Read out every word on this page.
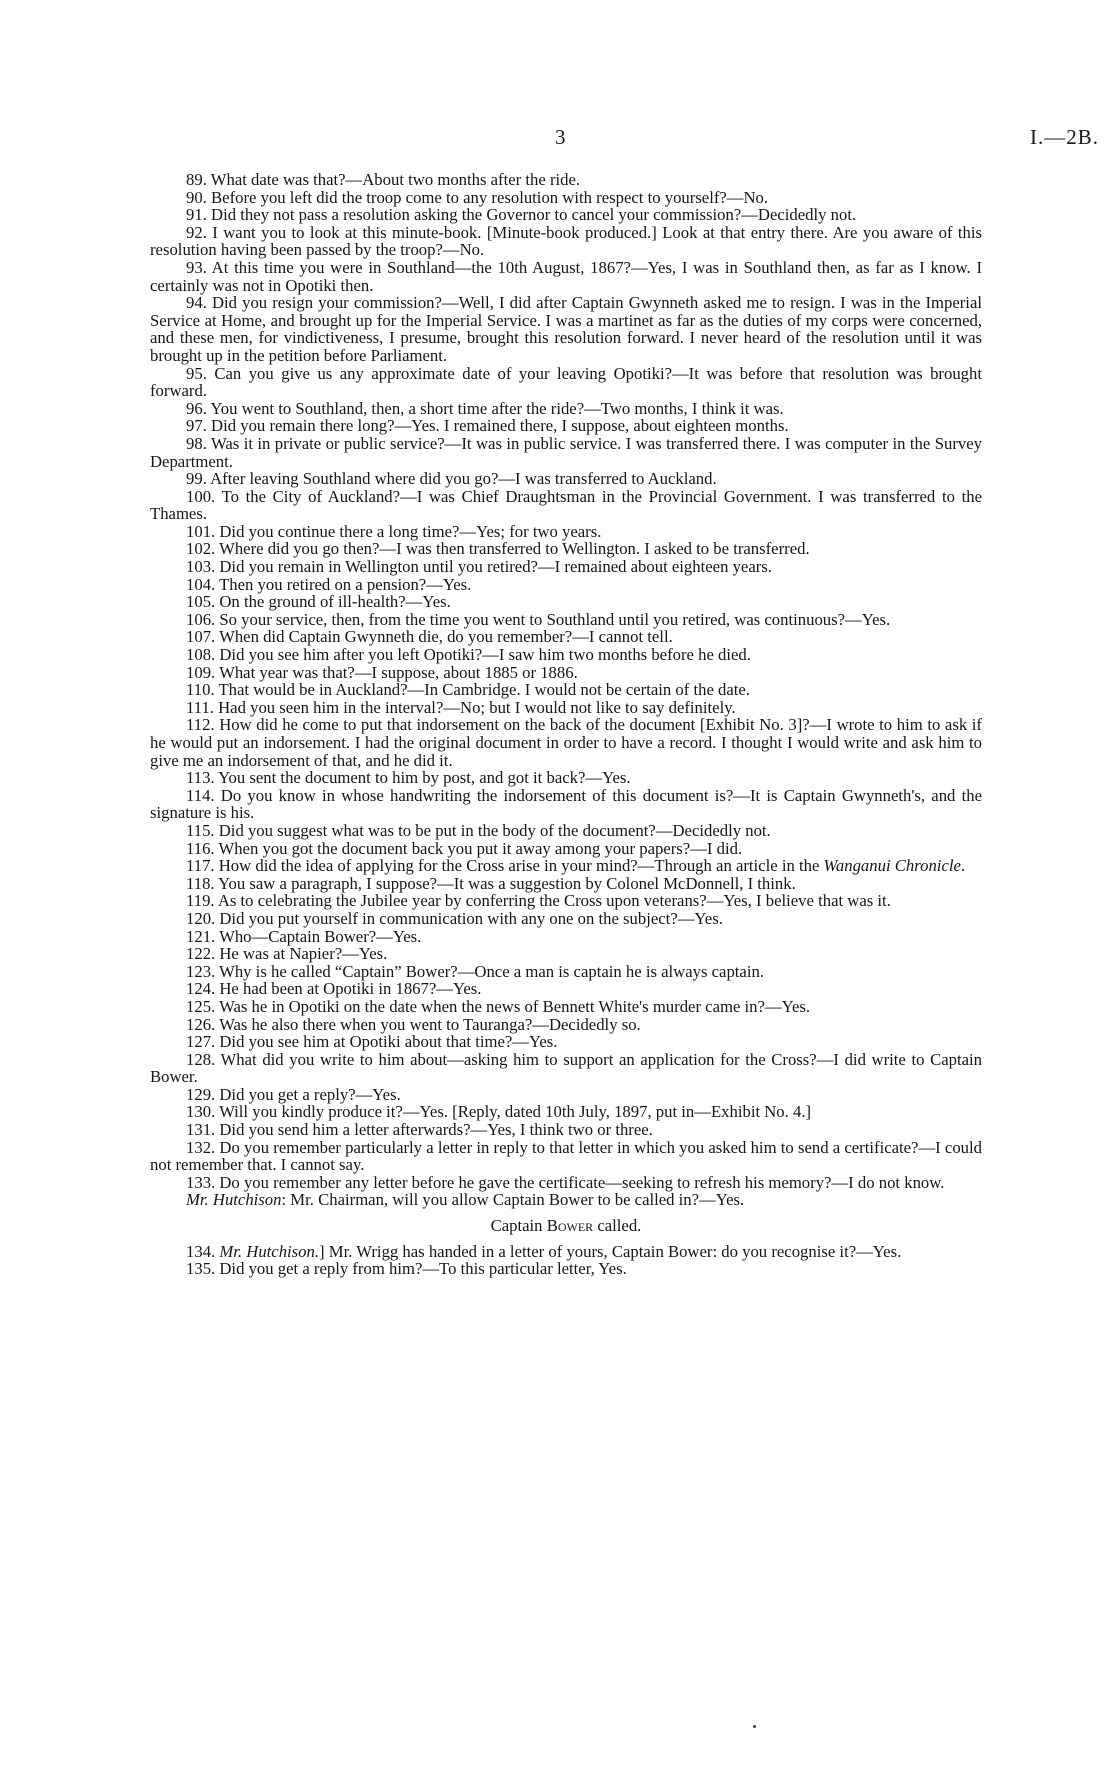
3	I.—2B.

89. What date was that?—About two months after the ride.

90. Before you left did the troop come to any resolution with respect to yourself?—No.

91. Did they not pass a resolution asking the Governor to cancel your commission?—Decidedly not.

92. I want you to look at this minute-book. [Minute-book produced.] Look at that entry there. Are you aware of this resolution having been passed by the troop?—No.

93. At this time you were in Southland—the 10th August, 1867?—Yes, I was in Southland then, as far as I know. I certainly was not in Opotiki then.

94. Did you resign your commission?—Well, I did after Captain Gwynneth asked me to resign. I was in the Imperial Service at Home, and brought up for the Imperial Service. I was a martinet as far as the duties of my corps were concerned, and these men, for vindictiveness, I presume, brought this resolution forward. I never heard of the resolution until it was brought up in the petition before Parliament.

95. Can you give us any approximate date of your leaving Opotiki?—It was before that resolution was brought forward.

96. You went to Southland, then, a short time after the ride?—Two months, I think it was.

97. Did you remain there long?—Yes. I remained there, I suppose, about eighteen months.

98. Was it in private or public service?—It was in public service. I was transferred there. I was computer in the Survey Department.

99. After leaving Southland where did you go?—I was transferred to Auckland.

100. To the City of Auckland?—I was Chief Draughtsman in the Provincial Government. I was transferred to the Thames.

101. Did you continue there a long time?—Yes; for two years.

102. Where did you go then?—I was then transferred to Wellington. I asked to be transferred.

103. Did you remain in Wellington until you retired?—I remained about eighteen years.

104. Then you retired on a pension?—Yes.

105. On the ground of ill-health?—Yes.

106. So your service, then, from the time you went to Southland until you retired, was continuous?—Yes.

107. When did Captain Gwynneth die, do you remember?—I cannot tell.

108. Did you see him after you left Opotiki?—I saw him two months before he died.

109. What year was that?—I suppose, about 1885 or 1886.

110. That would be in Auckland?—In Cambridge. I would not be certain of the date.

111. Had you seen him in the interval?—No; but I would not like to say definitely.

112. How did he come to put that indorsement on the back of the document [Exhibit No. 3]?—I wrote to him to ask if he would put an indorsement. I had the original document in order to have a record. I thought I would write and ask him to give me an indorsement of that, and he did it.

113. You sent the document to him by post, and got it back?—Yes.

114. Do you know in whose handwriting the indorsement of this document is?—It is Captain Gwynneth's, and the signature is his.

115. Did you suggest what was to be put in the body of the document?—Decidedly not.

116. When you got the document back you put it away among your papers?—I did.

117. How did the idea of applying for the Cross arise in your mind?—Through an article in the Wanganui Chronicle.

118. You saw a paragraph, I suppose?—It was a suggestion by Colonel McDonnell, I think.

119. As to celebrating the Jubilee year by conferring the Cross upon veterans?—Yes, I believe that was it.

120. Did you put yourself in communication with any one on the subject?—Yes.

121. Who—Captain Bower?—Yes.

122. He was at Napier?—Yes.

123. Why is he called “Captain” Bower?—Once a man is captain he is always captain.

124. He had been at Opotiki in 1867?—Yes.

125. Was he in Opotiki on the date when the news of Bennett White's murder came in?—Yes.

126. Was he also there when you went to Tauranga?—Decidedly so.

127. Did you see him at Opotiki about that time?—Yes.

128. What did you write to him about—asking him to support an application for the Cross?—I did write to Captain Bower.

129. Did you get a reply?—Yes.

130. Will you kindly produce it?—Yes. [Reply, dated 10th July, 1897, put in—Exhibit No. 4.]

131. Did you send him a letter afterwards?—Yes, I think two or three.

132. Do you remember particularly a letter in reply to that letter in which you asked him to send a certificate?—I could not remember that. I cannot say.

133. Do you remember any letter before he gave the certificate—seeking to refresh his memory?—I do not know.

Mr. Hutchison: Mr. Chairman, will you allow Captain Bower to be called in?—Yes.

Captain Bower called.

134. Mr. Hutchison.] Mr. Wrigg has handed in a letter of yours, Captain Bower: do you recognise it?—Yes.

135. Did you get a reply from him?—To this particular letter, Yes.
